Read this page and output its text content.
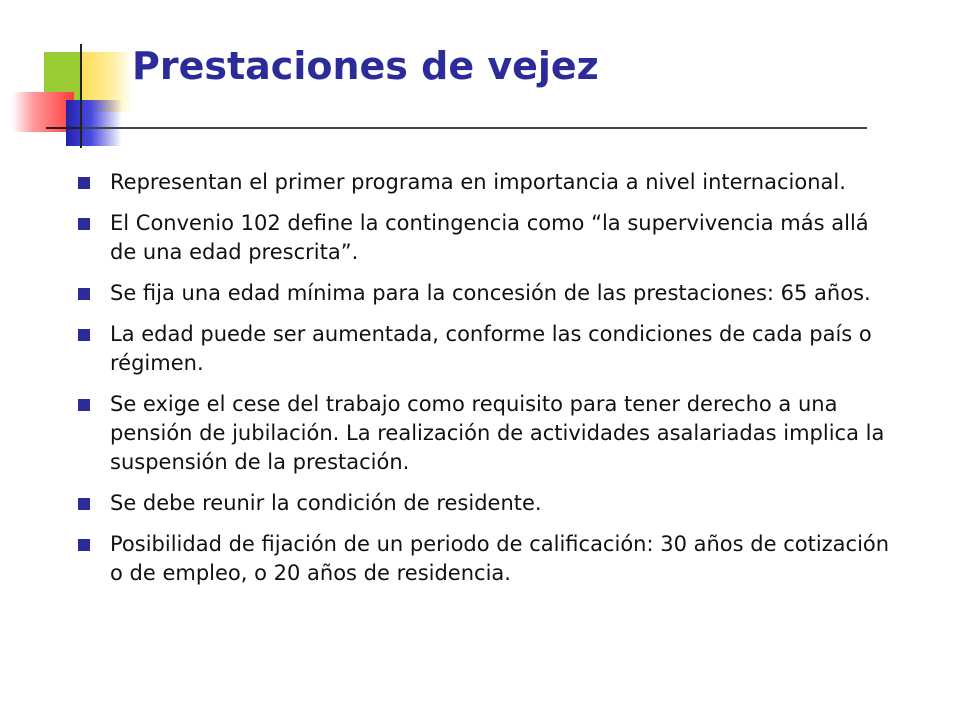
Prestaciones de vejez
Representan el primer programa en importancia a nivel internacional.
El Convenio 102 define la contingencia como “la supervivencia más allá de una edad prescrita”.
Se fija una edad mínima para la concesión de las prestaciones: 65 años.
La edad puede ser aumentada, conforme las condiciones de cada país o régimen.
Se exige el cese del trabajo como requisito para tener derecho a una pensión de jubilación. La realización de actividades asalariadas implica la suspensión de la prestación.
Se debe reunir la condición de residente.
Posibilidad de fijación de un periodo de calificación: 30 años de cotización o de empleo, o 20 años de residencia.
